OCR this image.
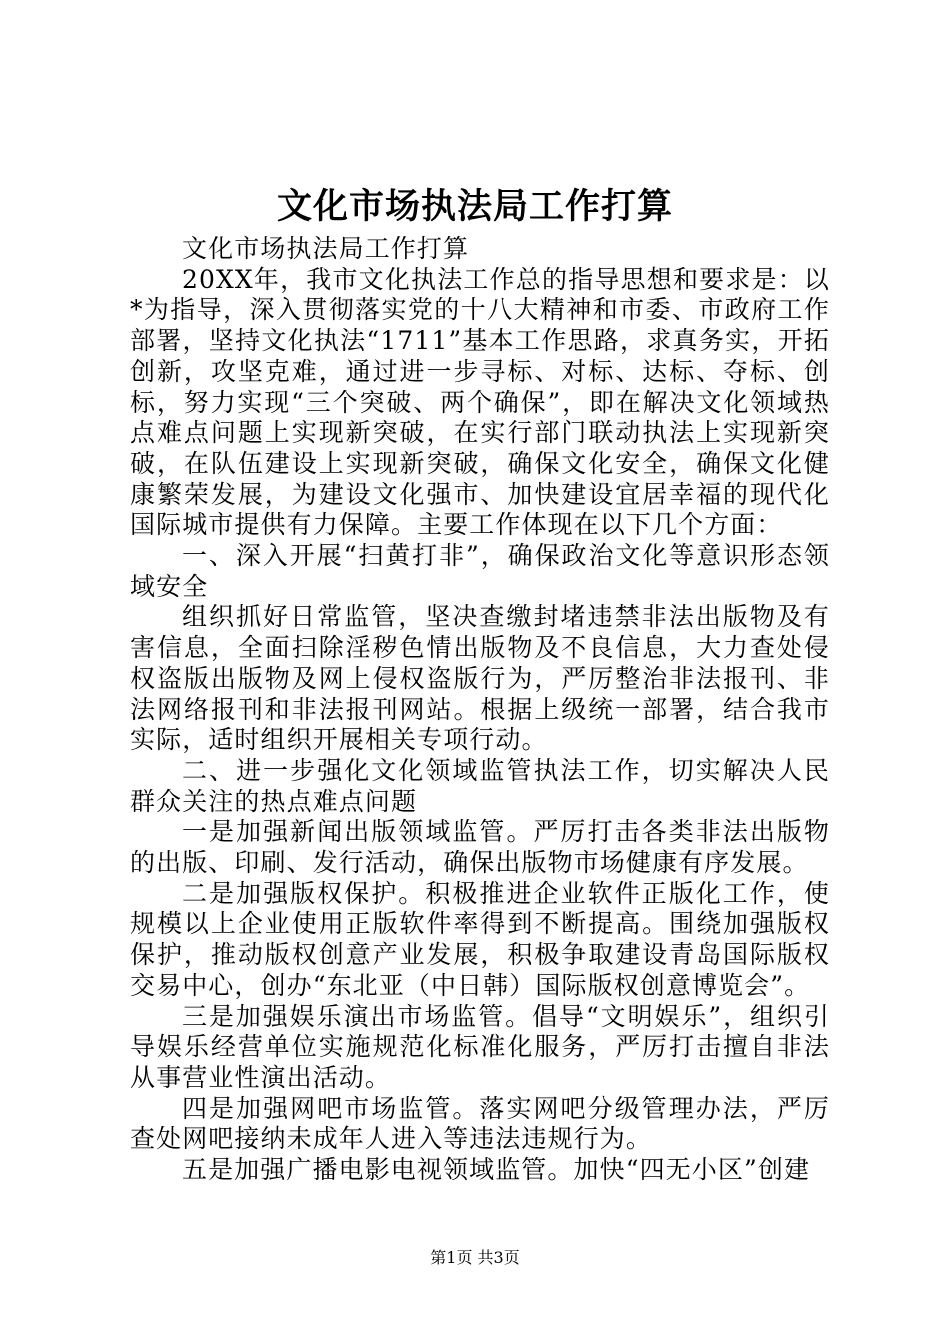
文化市场执法局工作打算

文化市场执法局工作打算

20XX年，我市文化执法工作总的指导思想和要求是：以*为指导，深入贯彻落实党的十八大精神和市委、市政府工作部署，坚持文化执法“1711”基本工作思路，求真务实，开拓创新，攻坚克难，通过进一步寻标、对标、达标、夺标、创标，努力实现“三个突破、两个确保”，即在解决文化领域热点难点问题上实现新突破，在实行部门联动执法上实现新突破，在队伍建设上实现新突破，确保文化安全，确保文化健康繁荣发展，为建设文化强市、加快建设宜居幸福的现代化国际城市提供有力保障。主要工作体现在以下几个方面：

一、深入开展“扫黄打非”，确保政治文化等意识形态领域安全

组织抓好日常监管，坚决查缴封堵违禁非法出版物及有害信息，全面扫除淫秽色情出版物及不良信息，大力查处侵权盗版出版物及网上侵权盗版行为，严厉整治非法报刊、非法网络报刊和非法报刊网站。根据上级统一部署，结合我市实际，适时组织开展相关专项行动。

二、进一步强化文化领域监管执法工作，切实解决人民群众关注的热点难点问题

一是加强新闻出版领域监管。严厉打击各类非法出版物的出版、印刷、发行活动，确保出版物市场健康有序发展。

二是加强版权保护。积极推进企业软件正版化工作，使规模以上企业使用正版软件率得到不断提高。围绕加强版权保护，推动版权创意产业发展，积极争取建设青岛国际版权交易中心，创办“东北亚（中日韩）国际版权创意博览会”。

三是加强娱乐演出市场监管。倡导“文明娱乐”，组织引导娱乐经营单位实施规范化标准化服务，严厉打击擅自非法从事营业性演出活动。

四是加强网吧市场监管。落实网吧分级管理办法，严厉查处网吧接纳未成年人进入等违法违规行为。

五是加强广播电影电视领域监管。加快“四无小区”创建

第1页 共3页
